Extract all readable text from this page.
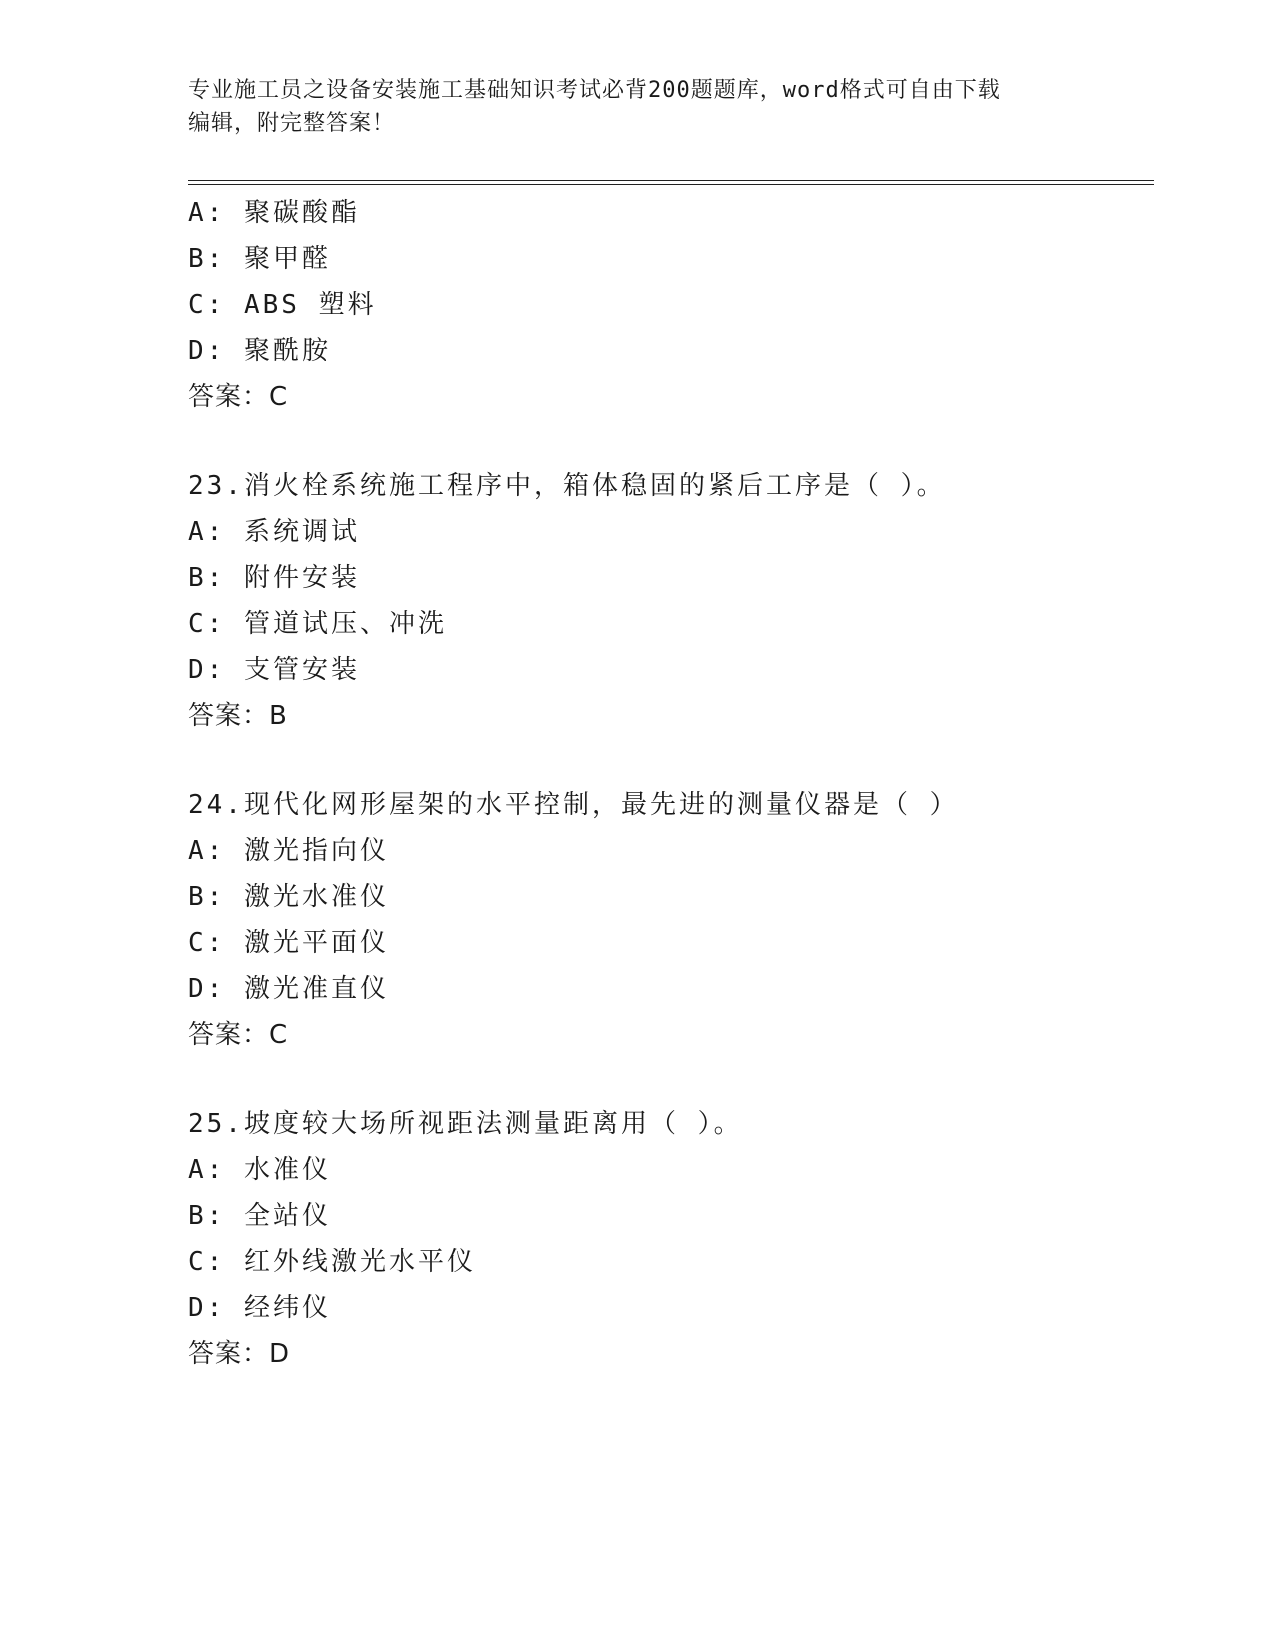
专业施工员之设备安装施工基础知识考试必背200题题库，word格式可自由下载
编辑，附完整答案！
A: 聚碳酸酯
B: 聚甲醛
C: ABS 塑料
D: 聚酰胺
答案：C
23.消火栓系统施工程序中，箱体稳固的紧后工序是（ ）。
A: 系统调试
B: 附件安装
C: 管道试压、冲洗
D: 支管安装
答案：B
24.现代化网形屋架的水平控制，最先进的测量仪器是（ ）
A: 激光指向仪
B: 激光水准仪
C: 激光平面仪
D: 激光准直仪
答案：C
25.坡度较大场所视距法测量距离用（ ）。
A: 水准仪
B: 全站仪
C: 红外线激光水平仪
D: 经纬仪
答案：D
